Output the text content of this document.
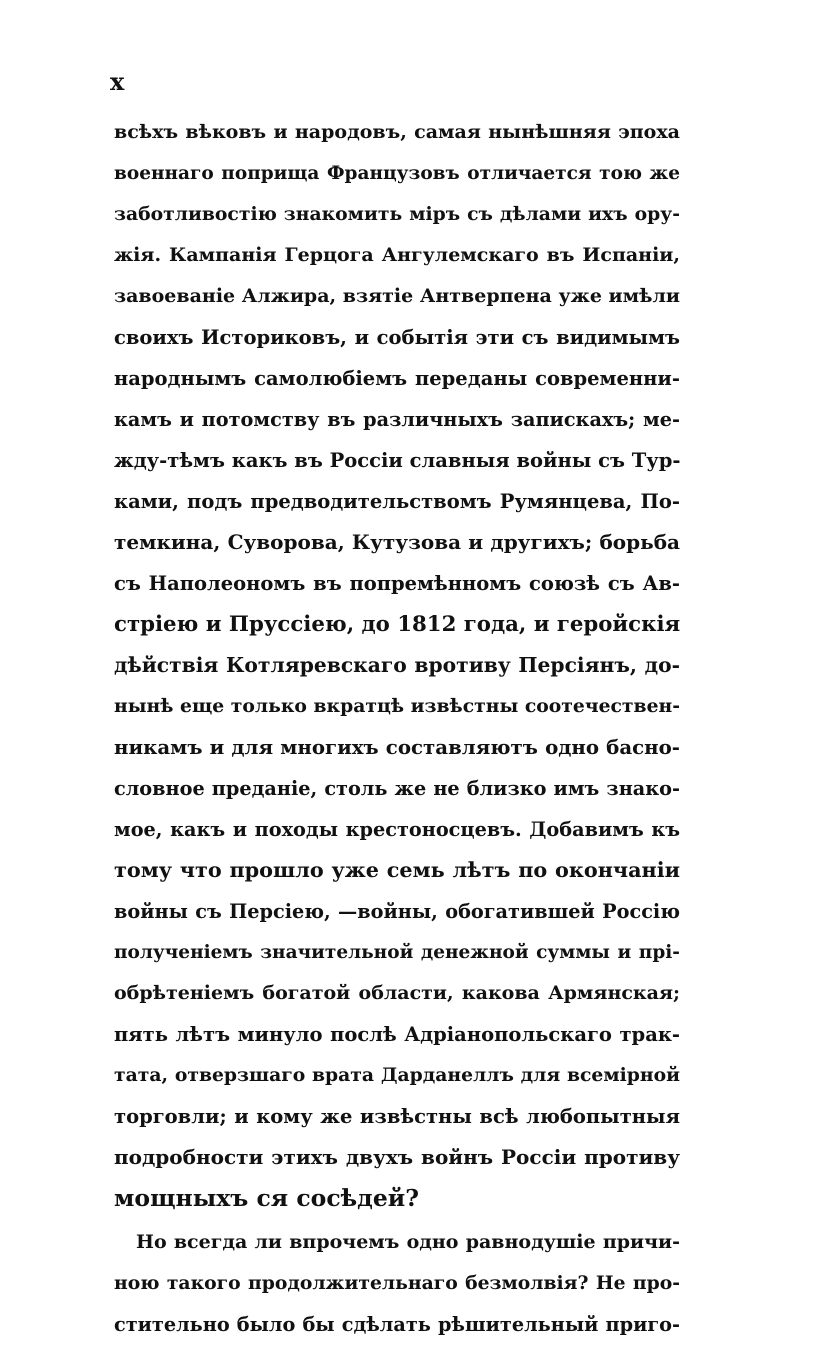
x
всѣхъ вѣковъ и народовъ, самая нынѣшняя эпоха
военнаго поприща Французовъ отличается тою же
заботливостію знакомить міръ съ дѣлами ихъ ору-
жія. Кампанія Герцога Ангулемскаго въ Испаніи,
завоеваніе Алжира, взятіе Антверпена уже имѣли
своихъ Историковъ, и событія эти съ видимымъ
народнымъ самолюбіемъ переданы современни-
камъ и потомству въ различныхъ запискахъ; ме-
жду-тѣмъ какъ въ Россіи славныя войны съ Тур-
ками, подъ предводительствомъ Румянцева, По-
темкина, Суворова, Кутузова и другихъ; борьба
съ Наполеономъ въ попремѣнномъ союзѣ съ Ав-
стріею и Пруссіею, до 1812 года, и геройскія
дѣйствія Котляревскаго вротиву Персіянъ, до-
нынѣ еще только вкратцѣ извѣстны соотечествен-
никамъ и для многихъ составляютъ одно басно-
словное преданіе, столь же не близко имъ знако-
мое, какъ и походы крестоносцевъ. Добавимъ къ
тому что прошло уже семь лѣтъ по окончаніи
войны съ Персіею, —войны, обогатившей Россію
полученіемъ значительной денежной суммы и прі-
обрѣтеніемъ богатой области, какова Армянская;
пять лѣтъ минуло послѣ Адріанопольскаго трак-
тата, отверзшаго врата Дарданеллъ для всемірной
торговли; и кому же извѣстны всѣ любопытныя
подробности этихъ двухъ войнъ Россіи противу
мощныхъ ся сосѣдей?
Но всегда ли впрочемъ одно равнодушіе причи-
ною такого продолжительнаго безмолвія? Не про-
стительно было бы сдѣлать рѣшительный приго-
